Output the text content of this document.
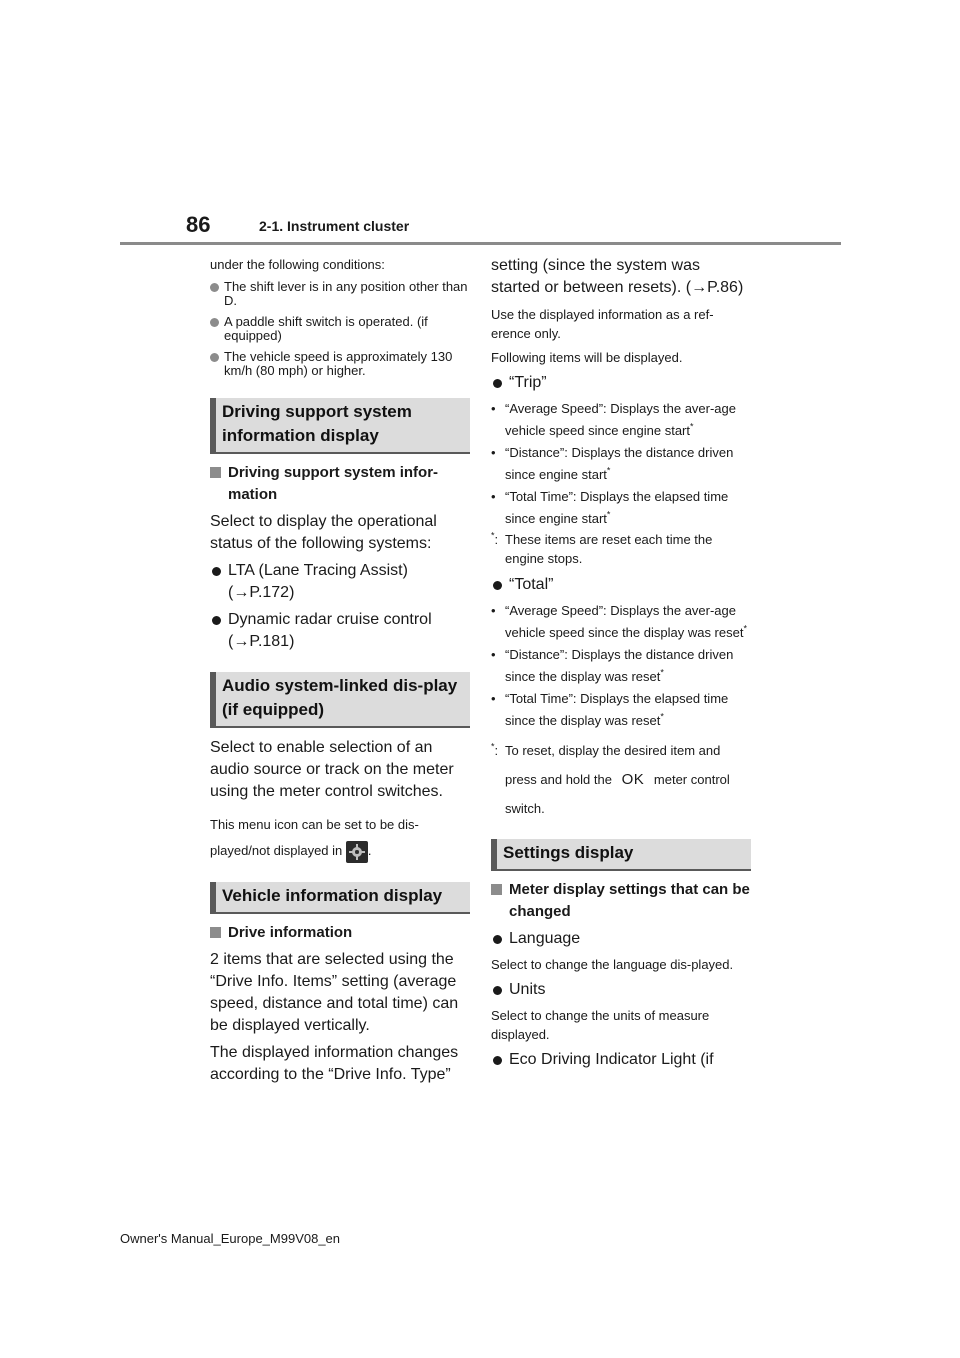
86	2-1. Instrument cluster

under the following conditions:

The shift lever is in any position other than D.

A paddle shift switch is operated. (if equipped)

The vehicle speed is approximately 130 km/h (80 mph) or higher.

Driving support system information display

Driving support system infor-mation

Select to display the operational status of the following systems:

LTA (Lane Tracing Assist)
(→P.172)

Dynamic radar cruise control
(→P.181)

Audio system-linked dis-play (if equipped)

Select to enable selection of an audio source or track on the meter using the meter control switches.

This menu icon can be set to be dis-played/not displayed in .

Vehicle information display

Drive information

2 items that are selected using the “Drive Info. Items” setting (average speed, distance and total time) can be displayed vertically.

The displayed information changes according to the “Drive Info. Type”

setting (since the system was started or between resets). (→P.86)

Use the displayed information as a ref-erence only.

Following items will be displayed.

“Trip”

• “Average Speed”: Displays the aver-age vehicle speed since engine start*

• “Distance”: Displays the distance driven since engine start*

• “Total Time”: Displays the elapsed time since engine start*

*: These items are reset each time the engine stops.

“Total”

• “Average Speed”: Displays the aver-age vehicle speed since the display was reset*

• “Distance”: Displays the distance driven since the display was reset*

• “Total Time”: Displays the elapsed time since the display was reset*

*: To reset, display the desired item and press and hold the OK meter control switch.

Settings display

Meter display settings that can be changed

Language

Select to change the language dis-played.

Units

Select to change the units of measure displayed.

Eco Driving Indicator Light (if

Owner's Manual_Europe_M99V08_en
